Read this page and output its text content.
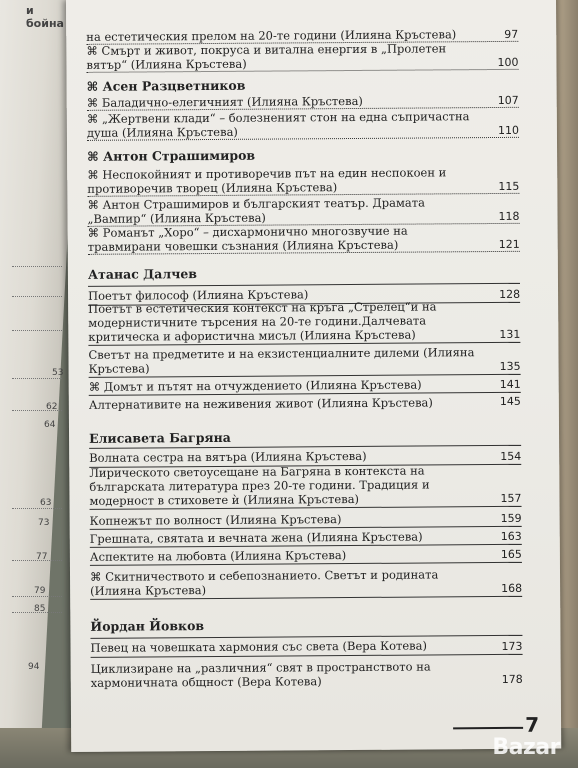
и бойна
53
62
64
63
73
77
79
85
94
на естетическия прелом на 20-те години (Илияна Кръстева)	97
⌘ Смърт и живот, покруса и витална енергия в „Пролетен вятър“ (Илияна Кръстева)	100
⌘ Асен Разцветников
⌘ Баладично-елегичният (Илияна Кръстева)	107
⌘ „Жертвени клади“ – болезненият стон на една съпричастна душа (Илияна Кръстева)	110
⌘ Антон Страшимиров
⌘ Неспокойният и противоречив път на един неспокоен и противоречив творец (Илияна Кръстева)	115
⌘ Антон Страшимиров и българският театър. Драмата „Вампир“ (Илияна Кръстева)	118
⌘ Романът „Хоро“ – дисхармонично многозвучие на травмирани човешки съзнания (Илияна Кръстева)	121
Атанас Далчев
Поетът философ (Илияна Кръстева)	128
Поетът в естетическия контекст на кръга „Стрелец“и на модернистичните търсения на 20-те години.Далчевата критическа и афористична мисъл (Илияна Кръстева)	131
Светът на предметите и на екзистенциалните дилеми (Илияна Кръстева)	135
⌘ Домът и пътят на отчуждението (Илияна Кръстева)	141
Алтернативите на неживения живот (Илияна Кръстева)	145
Елисавета Багряна
Волната сестра на вятъра (Илияна Кръстева)	154
Лирическото светоусещане на Багряна в контекста на българската литература през 20-те години. Традиция и модерност в стиховете ѝ (Илияна Кръстева)	157
Копнежът по волност (Илияна Кръстева)	159
Грешната, святата и вечната жена (Илияна Кръстева)	163
Аспектите на любовта (Илияна Кръстева)	165
⌘ Скитничеството и себепознанието. Светът и родината (Илияна Кръстева)	168
Йордан Йовков
Певец на човешката хармония със света (Вера Котева)	173
Циклизиране на „различния“ свят в пространството на хармоничната общност (Вера Котева)	178
7
Bazar
